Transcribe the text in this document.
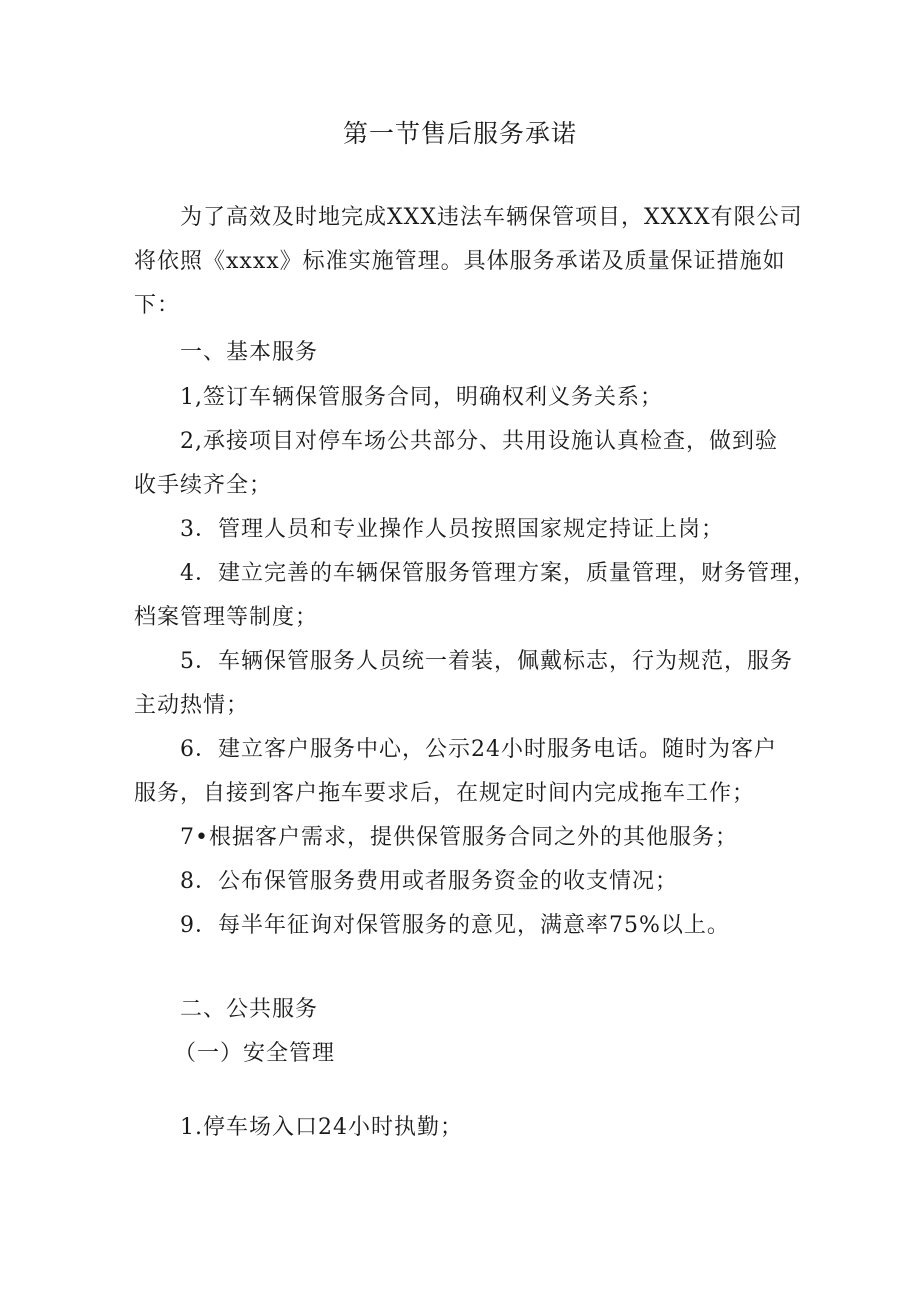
第一节售后服务承诺
为了高效及时地完成XXX违法车辆保管项目，XXXX有限公司
将依照《xxxx》标准实施管理。具体服务承诺及质量保证措施如
下：
一、基本服务
1,签订车辆保管服务合同，明确权利义务关系；
2,承接项目对停车场公共部分、共用设施认真检查，做到验
收手续齐全；
3．管理人员和专业操作人员按照国家规定持证上岗；
4．建立完善的车辆保管服务管理方案，质量管理，财务管理，
档案管理等制度；
5．车辆保管服务人员统一着装，佩戴标志，行为规范，服务
主动热情；
6．建立客户服务中心，公示24小时服务电话。随时为客户
服务，自接到客户拖车要求后，在规定时间内完成拖车工作；
7•根据客户需求，提供保管服务合同之外的其他服务；
8．公布保管服务费用或者服务资金的收支情况；
9．每半年征询对保管服务的意见，满意率75%以上。
二、公共服务
（一）安全管理
1.停车场入口24小时执勤；
